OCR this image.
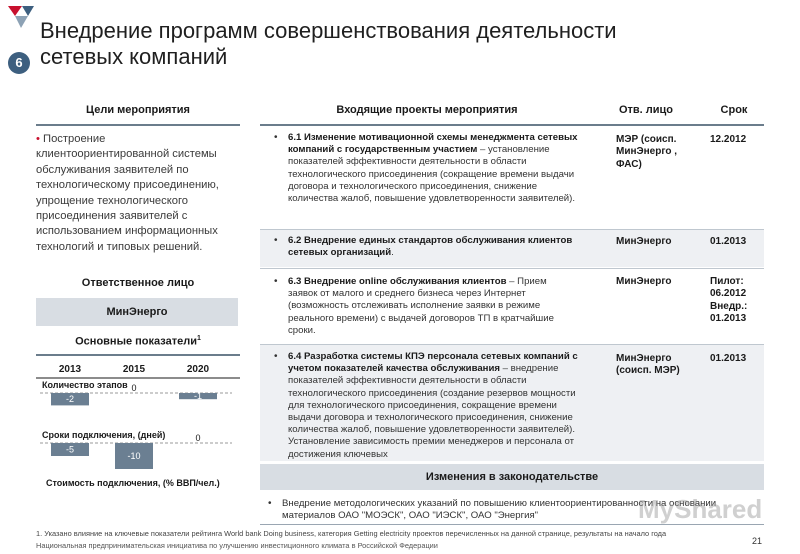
Внедрение программ совершенствования деятельности
сетевых компаний
6
Цели мероприятия
• Построение клиентоориентированной системы обслуживания заявителей по технологическому присоединению, упрощение технологического присоединения заявителей с использованием информационных технологий и типовых решений.
Ответственное лицо
МинЭнерго
Основные показатели$^1$
2013	2015	2020
Количество этапов
-2
0
-1
Сроки подключения, (дней)
-5
-10
0
Стоимость подключения, (% ВВП/чел.)
Входящие проекты мероприятия	Отв. лицо	Срок
• 6.1 Изменение мотивационной схемы менеджмента сетевых компаний с государственным участием – установление показателей эффективности деятельности в области технологического присоединения (сокращение времени выдачи договора и технологического присоединения, снижение количества жалоб, повышение удовлетворенности заявителей).
МЭР (соисп. МинЭнерго , ФАС)
12.2012
• 6.2 Внедрение единых стандартов обслуживания клиентов сетевых организаций.
МинЭнерго	01.2013
• 6.3 Внедрение online обслуживания клиентов – Прием заявок от малого и среднего бизнеса через Интернет (возможность отслеживать исполнение заявки в режиме реального времени) с выдачей договоров ТП в кратчайшие сроки.
МинЭнерго	Пилот: 06.2012 Внедр.: 01.2013
• 6.4 Разработка системы КПЭ персонала сетевых компаний с учетом показателей качества обслуживания – внедрение показателей эффективности деятельности в области технологического присоединения (создание резервов мощности для технологического присоединения, сокращение времени выдачи договора и технологического присоединения, снижение количества жалоб, повышение удовлетворенности заявителей). Установление зависимость премии менеджеров и персонала от достижения ключевых
МинЭнерго (соисп. МЭР)
01.2013
Изменения в законодательстве
• Внедрение методологических указаний по повышению клиентоориентированности на основании материалов ОАО "МОЭСК", ОАО "ИЭСК", ОАО "Энергия"	MyShared
1. Указано влияние на ключевые показатели рейтинга World bank Doing business, категория Getting electricity проектов перечисленных на данной странице, результаты на начало года
Национальная предпринимательская инициатива по улучшению инвестиционного климата в Российской Федерации	21
